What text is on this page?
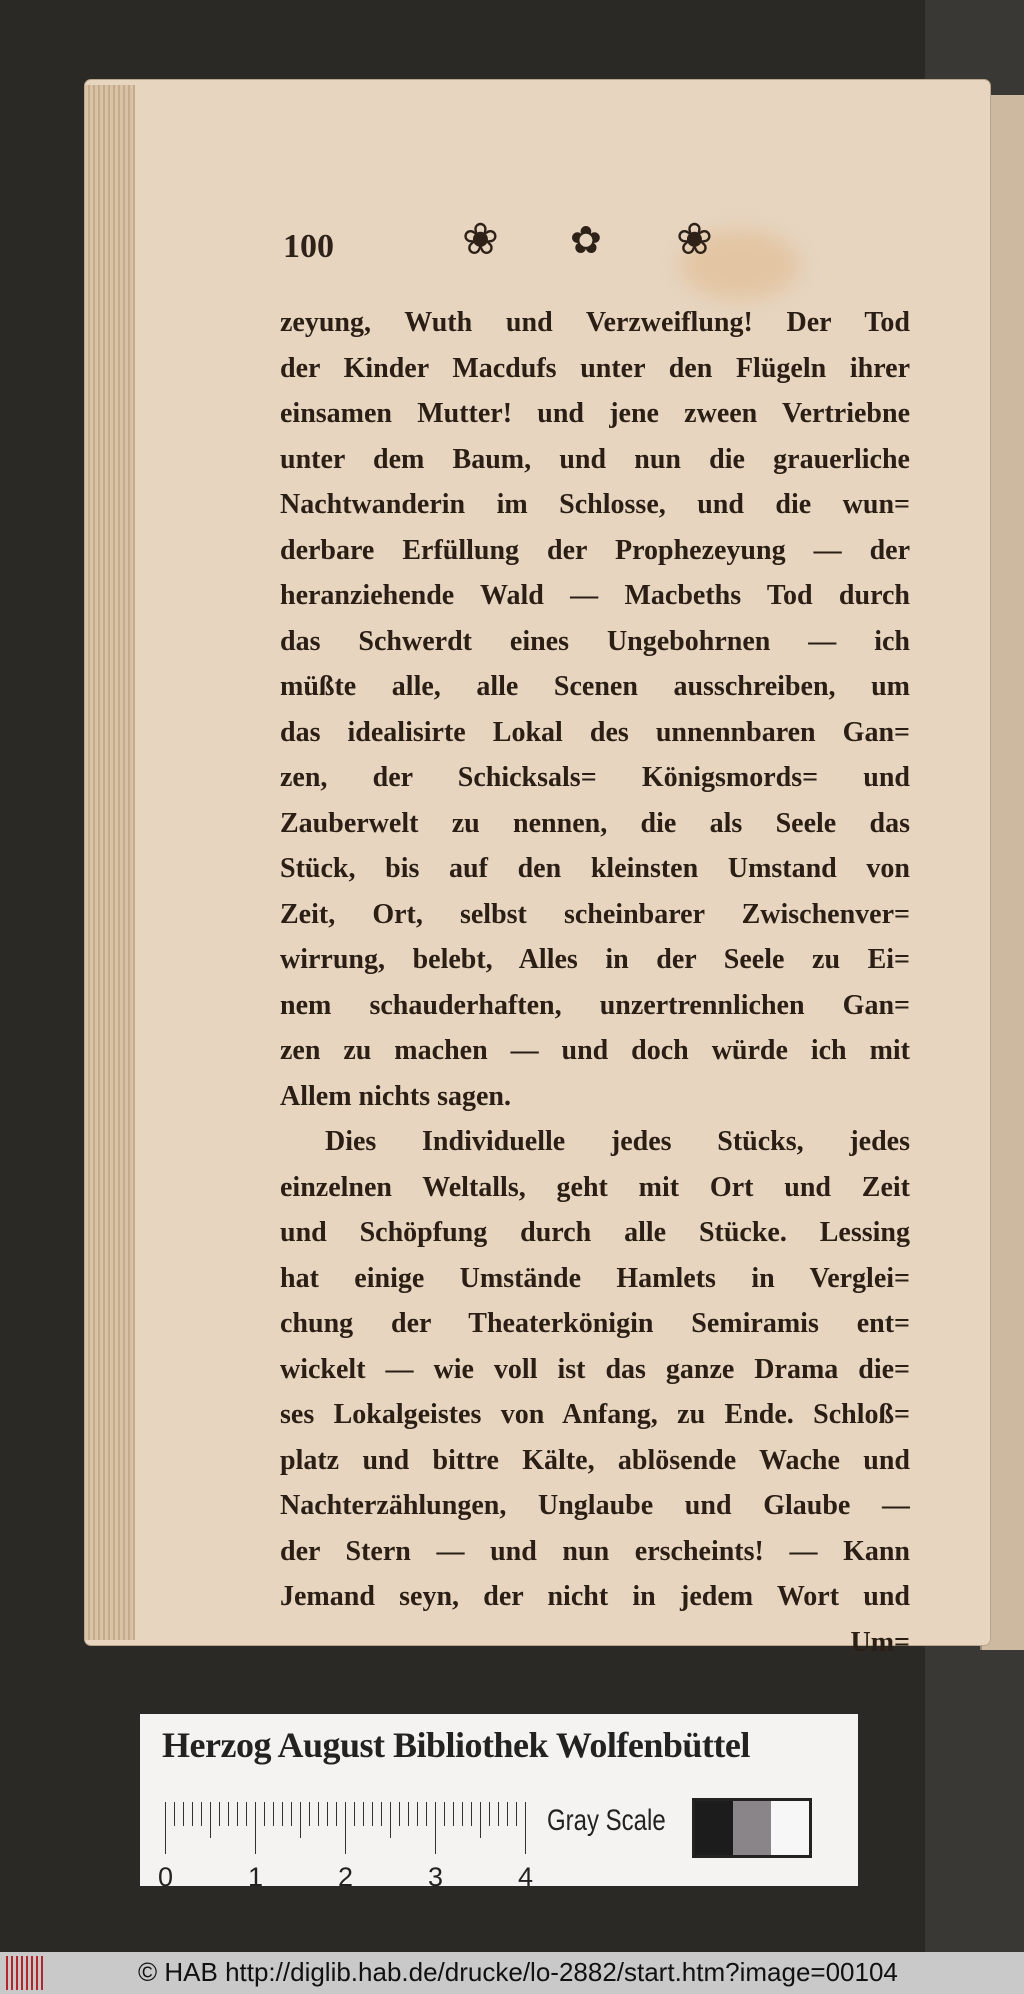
100	❀ ✿ ❀
zeyung, Wuth und Verzweiflung! Der Tod
der Kinder Macdufs unter den Flügeln ihrer
einsamen Mutter! und jene zween Vertriebne
unter dem Baum, und nun die grauerliche
Nachtwanderin im Schlosse, und die wun=
derbare Erfüllung der Prophezeyung — der
heranziehende Wald — Macbeths Tod durch
das Schwerdt eines Ungebohrnen — ich
müßte alle, alle Scenen ausschreiben, um
das idealisirte Lokal des unnennbaren Gan=
zen, der Schicksals= Königsmords= und
Zauberwelt zu nennen, die als Seele das
Stück, bis auf den kleinsten Umstand von
Zeit, Ort, selbst scheinbarer Zwischenver=
wirrung, belebt, Alles in der Seele zu Ei=
nem schauderhaften, unzertrennlichen Gan=
zen zu machen — und doch würde ich mit
Allem nichts sagen.
Dies Individuelle jedes Stücks, jedes
einzelnen Weltalls, geht mit Ort und Zeit
und Schöpfung durch alle Stücke. Lessing
hat einige Umstände Hamlets in Verglei=
chung der Theaterkönigin Semiramis ent=
wickelt — wie voll ist das ganze Drama die=
ses Lokalgeistes von Anfang, zu Ende. Schloß=
platz und bittre Kälte, ablösende Wache und
Nachterzählungen, Unglaube und Glaube —
der Stern — und nun erscheints! — Kann
Jemand seyn, der nicht in jedem Wort und
Um=
Herzog August Bibliothek Wolfenbüttel
0	1	2	3	4
Gray Scale
© HAB http://diglib.hab.de/drucke/lo-2882/start.htm?image=00104
